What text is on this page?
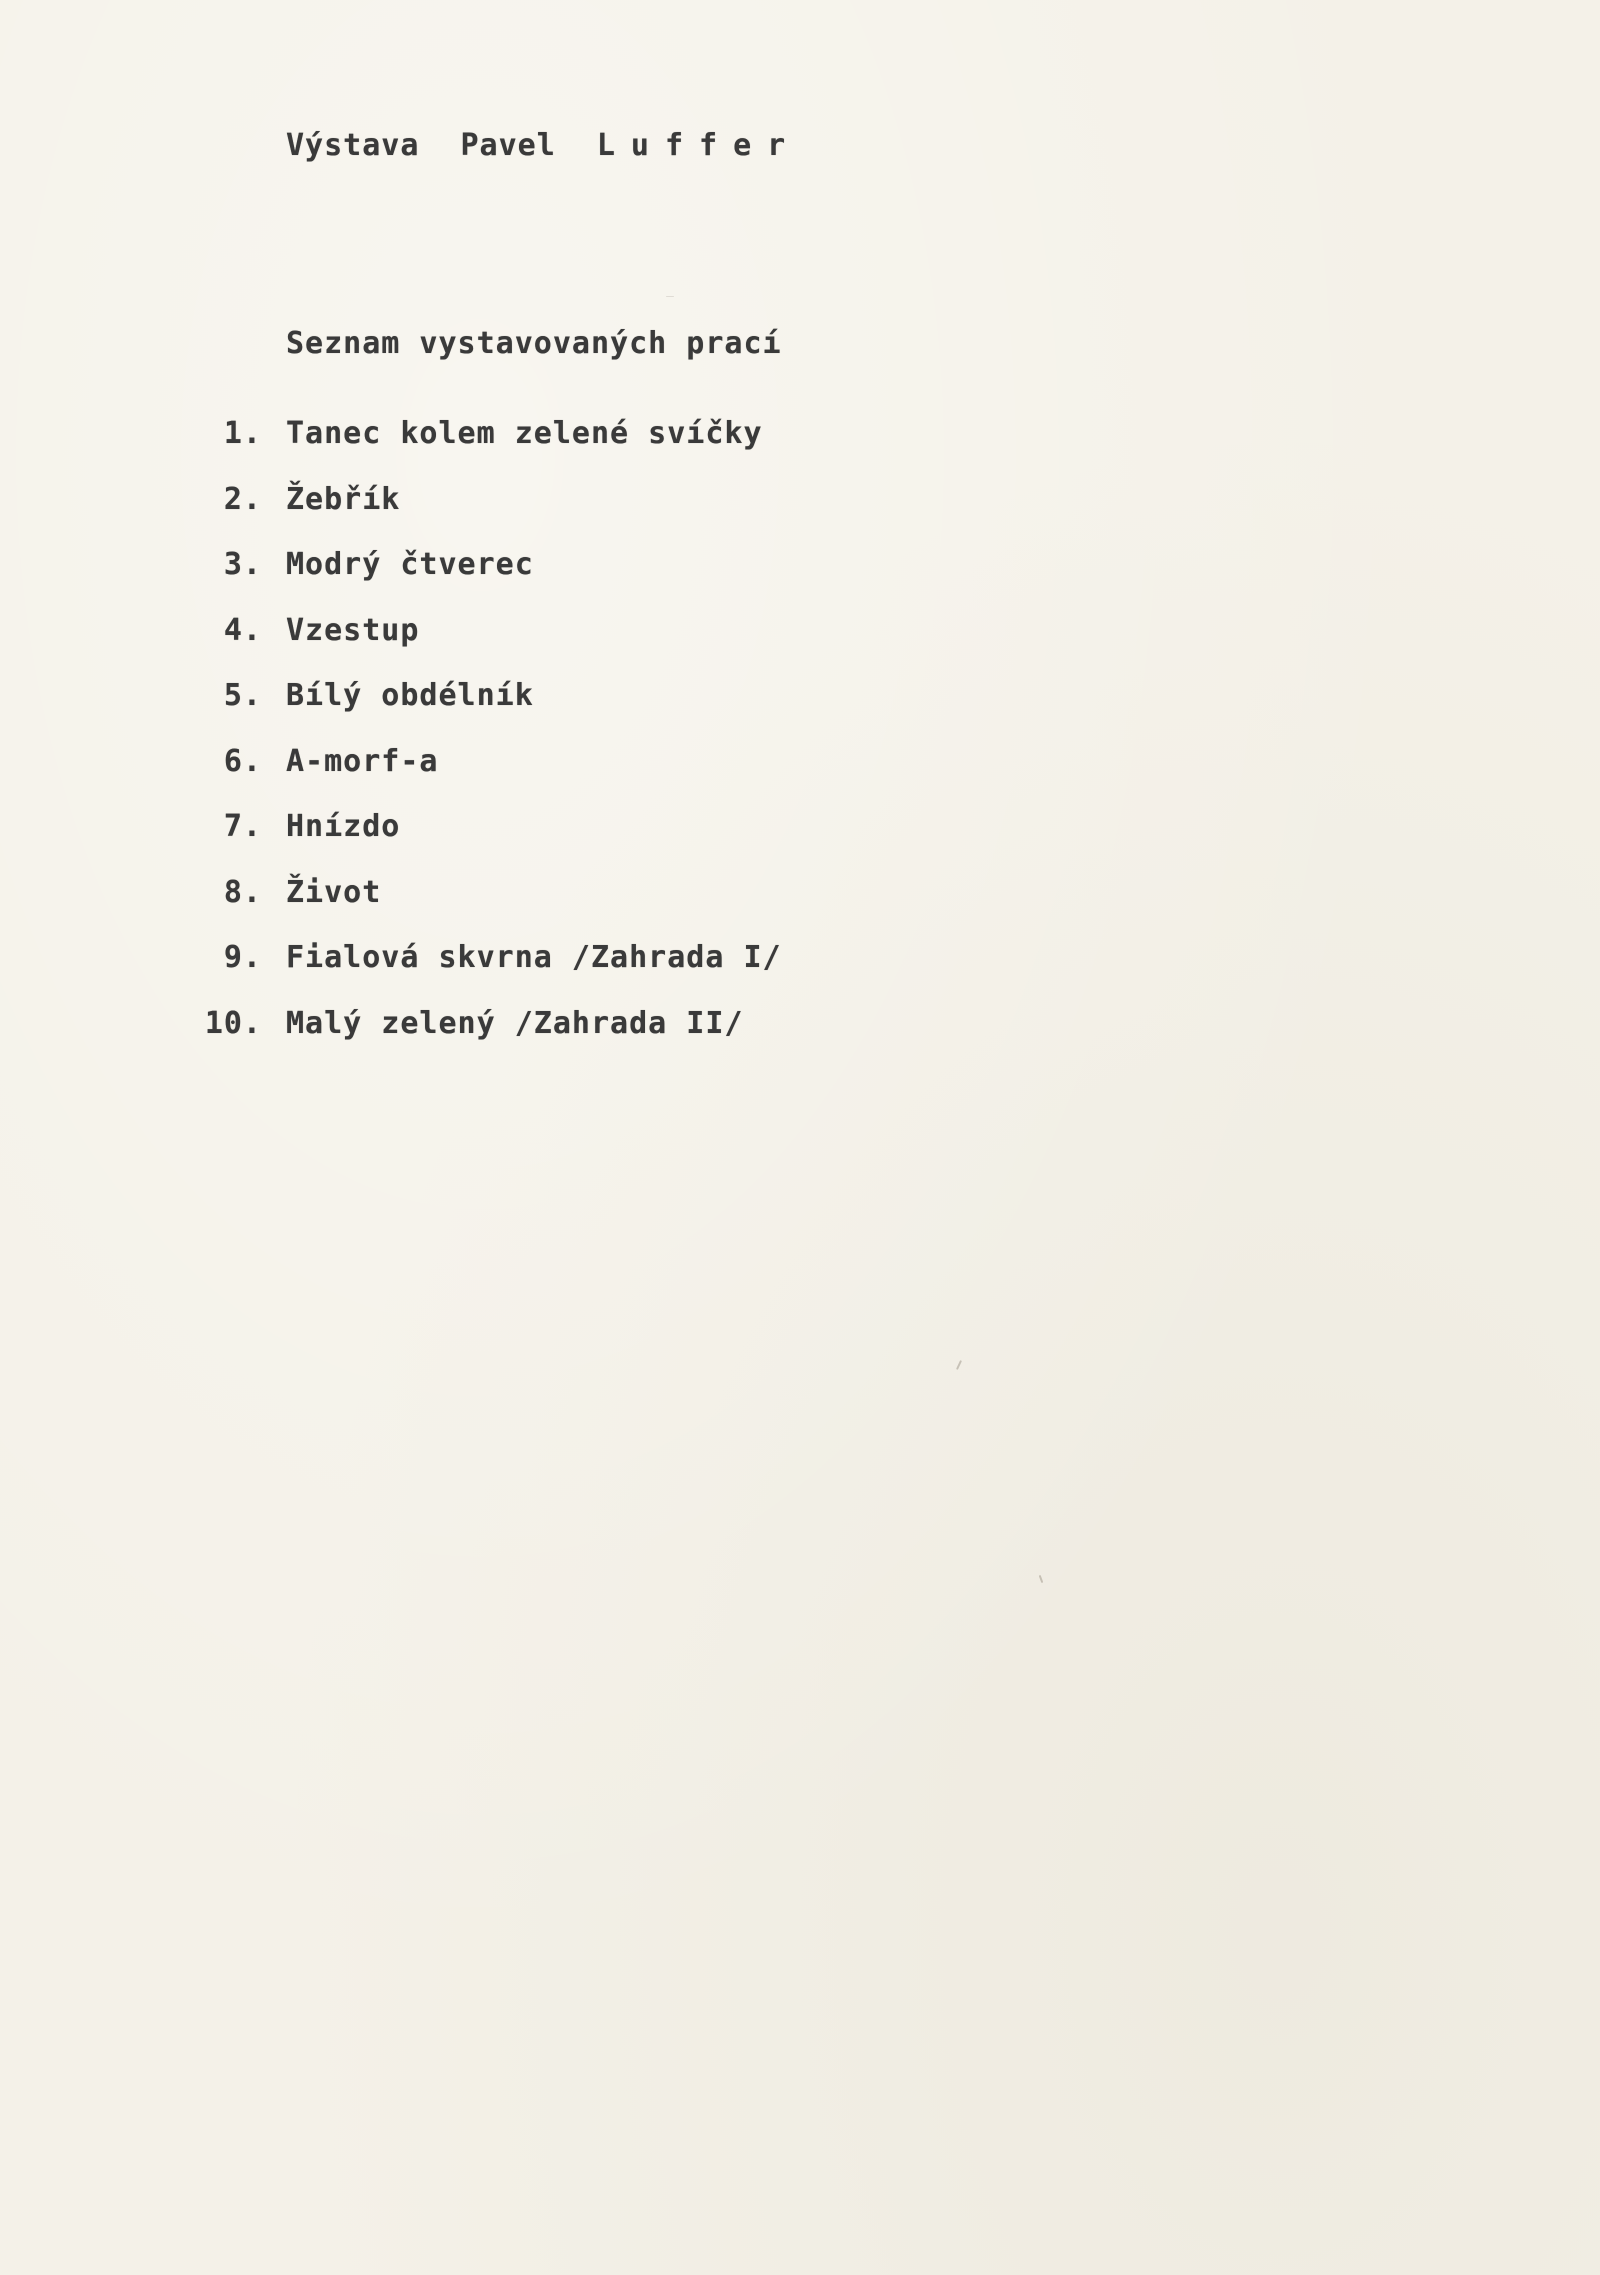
Výstava Pavel Luffer
Seznam vystavovaných prací
1. Tanec kolem zelené svíčky
2. Žebřík
3. Modrý čtverec
4. Vzestup
5. Bílý obdélník
6. A-morf-a
7. Hnízdo
8. Život
9. Fialová skvrna /Zahrada I/
10. Malý zelený /Zahrada II/
